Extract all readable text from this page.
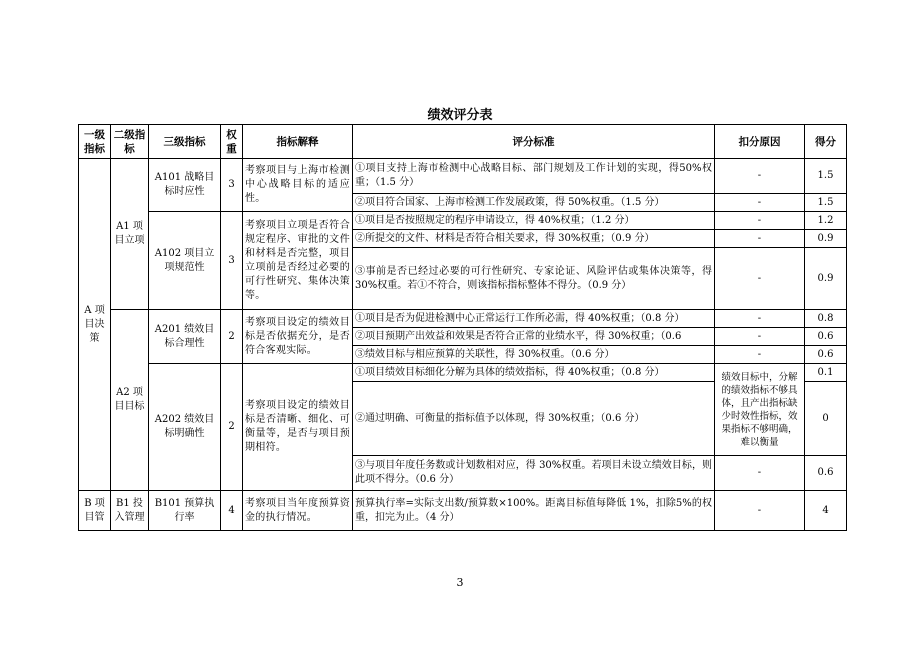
绩效评分表
一级指标	二级指标	三级指标	权重	指标解释	评分标准	扣分原因	得分
A 项目决策	A1 项目立项	A101 战略目标时应性	3	考察项目与上海市检测中心战略目标的适应性。	①项目支持上海市检测中心战略目标、部门规划及工作计划的实现，得50%权重；（1.5 分）	-	1.5
					②项目符合国家、上海市检测工作发展政策，得 50%权重。（1.5 分）	-	1.5
		A102 项目立项规范性	3	考察项目立项是否符合规定程序、审批的文件和材料是否完整，项目立项前是否经过必要的可行性研究、集体决策等。	①项目是否按照规定的程序申请设立，得 40%权重；（1.2 分）	-	1.2
					②所提交的文件、材料是否符合相关要求，得 30%权重；（0.9 分）	-	0.9
					③事前是否已经过必要的可行性研究、专家论证、风险评估或集体决策等，得 30%权重。若①不符合，则该指标指标整体不得分。（0.9 分）	-	0.9
	A2 项目目标	A201 绩效目标合理性	2	考察项目设定的绩效目标是否依据充分，是否符合客观实际。	①项目是否为促进检测中心正常运行工作所必需，得 40%权重；（0.8 分）	-	0.8
					②项目预期产出效益和效果是否符合正常的业绩水平，得 30%权重；（0.6	-	0.6
					③绩效目标与相应预算的关联性，得 30%权重。（0.6 分）	-	0.6
		A202 绩效目标明确性	2	考察项目设定的绩效目标是否清晰、细化、可衡量等，是否与项目预期相符。	①项目绩效目标细化分解为具体的绩效指标，得 40%权重；（0.8 分）	绩效目标中，分解的绩效指标不够具体，且产出指标缺少时效性指标，效果指标不够明确，难以衡量	0.1
					②通过明确、可衡量的指标值予以体现，得 30%权重；（0.6 分）		0
					③与项目年度任务数或计划数相对应，得 30%权重。若项目未设立绩效目标，则此项不得分。（0.6 分）	-	0.6
B 项目管	B1 投入管理	B101 预算执行率	4	考察项目当年度预算资金的执行情况。	预算执行率=实际支出数/预算数×100%。距离目标值每降低 1%，扣除5%的权重，扣完为止。（4 分）	-	4
3
